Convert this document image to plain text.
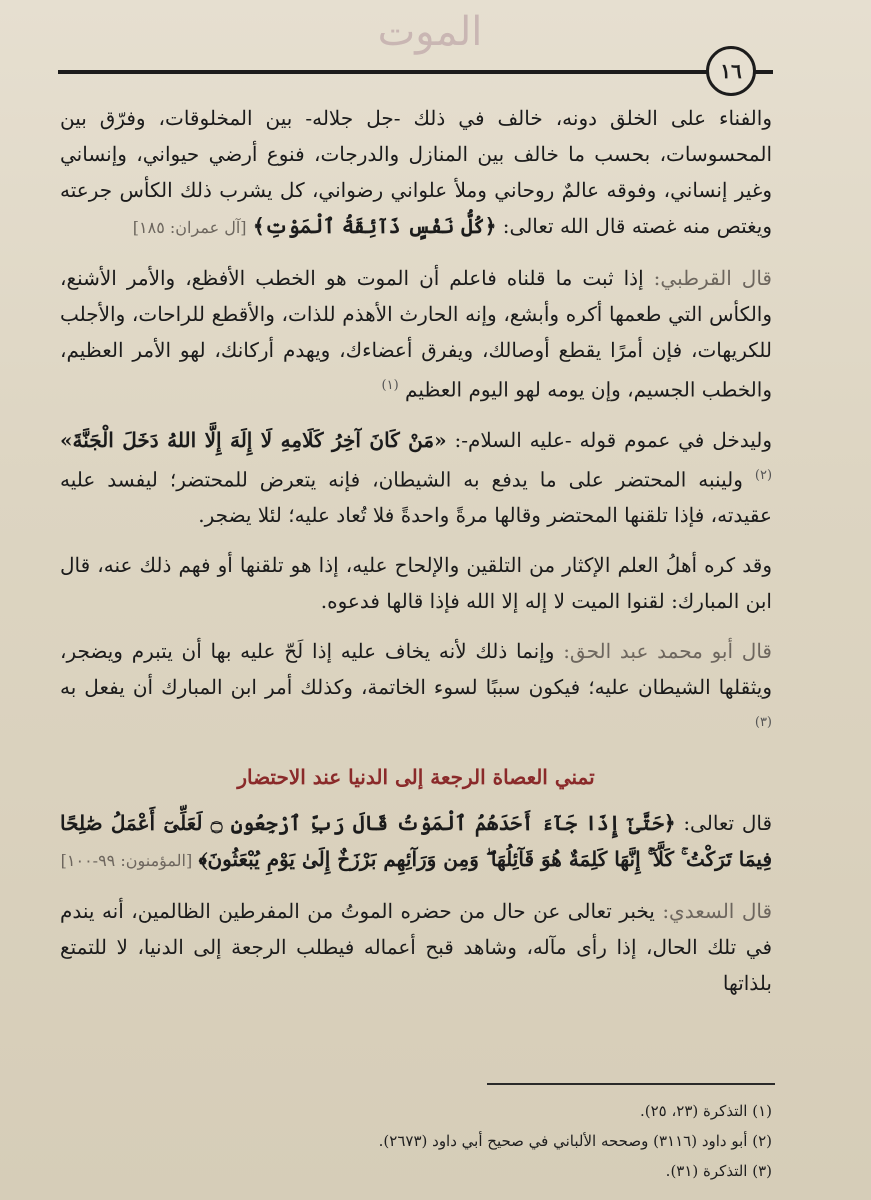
الموت
١٦

والفناء على الخلق دونه، خالف في ذلك -جل جلاله- بين المخلوقات، وفرّق بين المحسوسات، بحسب ما خالف بين المنازل والدرجات، فنوع أرضي حيواني، وإنساني وغير إنساني، وفوقه عالمٌ روحاني وملأ علواني رضواني، كل يشرب ذلك الكأس جرعته ويغتص منه غصته قال الله تعالى: ﴿كُلُّ نَفْسٍ ذَآئِقَةُ ٱلْمَوْتِ﴾ [آل عمران: ١٨٥]

قال القرطبي: إذا ثبت ما قلناه فاعلم أن الموت هو الخطب الأفظع، والأمر الأشنع، والكأس التي طعمها أكره وأبشع، وإنه الحارث الأهذم للذات، والأقطع للراحات، والأجلب للكريهات، فإن أمرًا يقطع أوصالك، ويفرق أعضاءك، ويهدم أركانك، لهو الأمر العظيم، والخطب الجسيم، وإن يومه لهو اليوم العظيم $^{(١)}$

وليدخل في عموم قوله -عليه السلام-: «مَنْ كَانَ آخِرُ كَلَامِهِ لَا إِلَهَ إِلَّا اللهُ دَخَلَ الْجَنَّةَ» $^{(٢)}$ ولينبه المحتضر على ما يدفع به الشيطان، فإنه يتعرض للمحتضر؛ ليفسد عليه عقيدته، فإذا تلقنها المحتضر وقالها مرةً واحدةً فلا تُعاد عليه؛ لئلا يضجر.

وقد كره أهلُ العلم الإكثار من التلقين والإلحاح عليه، إذا هو تلقنها أو فهم ذلك عنه، قال ابن المبارك: لقنوا الميت لا إله إلا الله فإذا قالها فدعوه.

قال أبو محمد عبد الحق: وإنما ذلك لأنه يخاف عليه إذا لَحّ عليه بها أن يتبرم ويضجر، ويثقلها الشيطان عليه؛ فيكون سببًا لسوء الخاتمة، وكذلك أمر ابن المبارك أن يفعل به $^{(٣)}$

تمني العصاة الرجعة إلى الدنيا عند الاحتضار

قال تعالى: ﴿حَتَّىٰٓ إِذَا جَآءَ أَحَدَهُمُ ٱلْمَوْتُ قَالَ رَبِّ ٱرْجِعُونِ ۝ لَعَلِّىٓ أَعْمَلُ صَٰلِحًا فِيمَا تَرَكْتُ ۚ كَلَّآ ۚ إِنَّهَا كَلِمَةٌ هُوَ قَآئِلُهَا ۖ وَمِن وَرَآئِهِم بَرْزَخٌ إِلَىٰ يَوْمِ يُبْعَثُونَ﴾ [المؤمنون: ٩٩-١٠٠]

قال السعدي: يخبر تعالى عن حال من حضره الموتُ من المفرطين الظالمين، أنه يندم في تلك الحال، إذا رأى مآله، وشاهد قبح أعماله فيطلب الرجعة إلى الدنيا، لا للتمتع بلذاتها

(١) التذكرة (٢٣، ٢٥).
(٢) أبو داود (٣١١٦) وصححه الألباني في صحيح أبي داود (٢٦٧٣).
(٣) التذكرة (٣١).
